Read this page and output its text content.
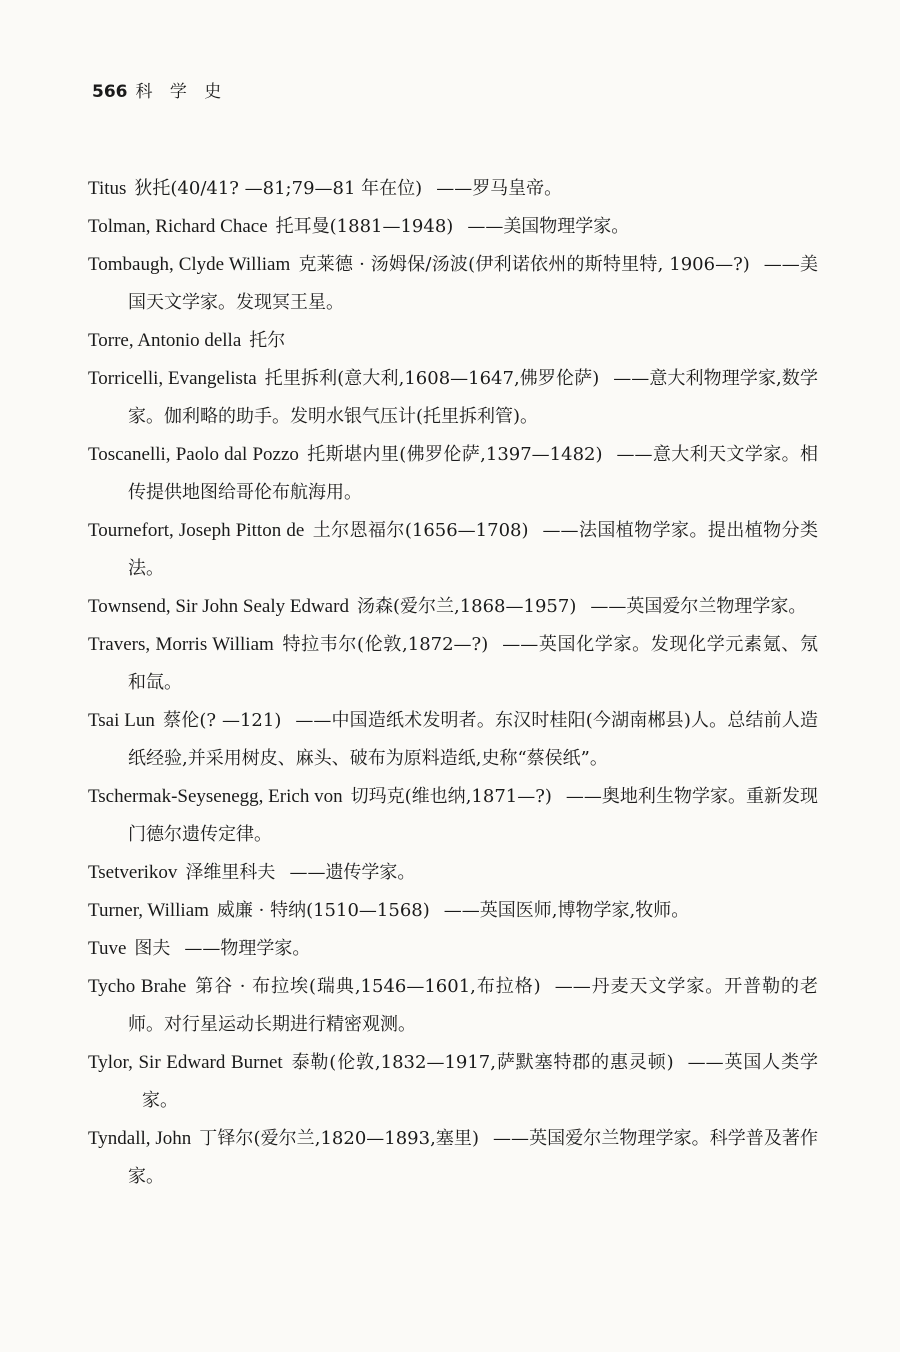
566 科 学 史

Titus 狄托(40/41? —81;79—81 年在位) ——罗马皇帝。

Tolman, Richard Chace 托耳曼(1881—1948) ——美国物理学家。

Tombaugh, Clyde William 克莱德 · 汤姆保/汤波(伊利诺依州的斯特里特, 1906—?) ——美国天文学家。发现冥王星。

Torre, Antonio della 托尔

Torricelli, Evangelista 托里拆利(意大利,1608—1647,佛罗伦萨) ——意大利物理学家,数学家。伽利略的助手。发明水银气压计(托里拆利管)。

Toscanelli, Paolo dal Pozzo 托斯堪内里(佛罗伦萨,1397—1482) ——意大利天文学家。相传提供地图给哥伦布航海用。

Tournefort, Joseph Pitton de 土尔恩福尔(1656—1708) ——法国植物学家。提出植物分类法。

Townsend, Sir John Sealy Edward 汤森(爱尔兰,1868—1957) ——英国爱尔兰物理学家。

Travers, Morris William 特拉韦尔(伦敦,1872—?) ——英国化学家。发现化学元素氪、氖和氙。

Tsai Lun 蔡伦(? —121) ——中国造纸术发明者。东汉时桂阳(今湖南郴县)人。总结前人造纸经验,并采用树皮、麻头、破布为原料造纸,史称“蔡侯纸”。

Tschermak-Seysenegg, Erich von 切玛克(维也纳,1871—?) ——奥地利生物学家。重新发现门德尔遗传定律。

Tsetverikov 泽维里科夫 ——遗传学家。

Turner, William 威廉 · 特纳(1510—1568) ——英国医师,博物学家,牧师。

Tuve 图夫 ——物理学家。

Tycho Brahe 第谷 · 布拉埃(瑞典,1546—1601,布拉格) ——丹麦天文学家。开普勒的老师。对行星运动长期进行精密观测。

Tylor, Sir Edward Burnet 泰勒(伦敦,1832—1917,萨默塞特郡的惠灵顿) ——英国人类学家。

Tyndall, John 丁铎尔(爱尔兰,1820—1893,塞里) ——英国爱尔兰物理学家。科学普及著作家。
